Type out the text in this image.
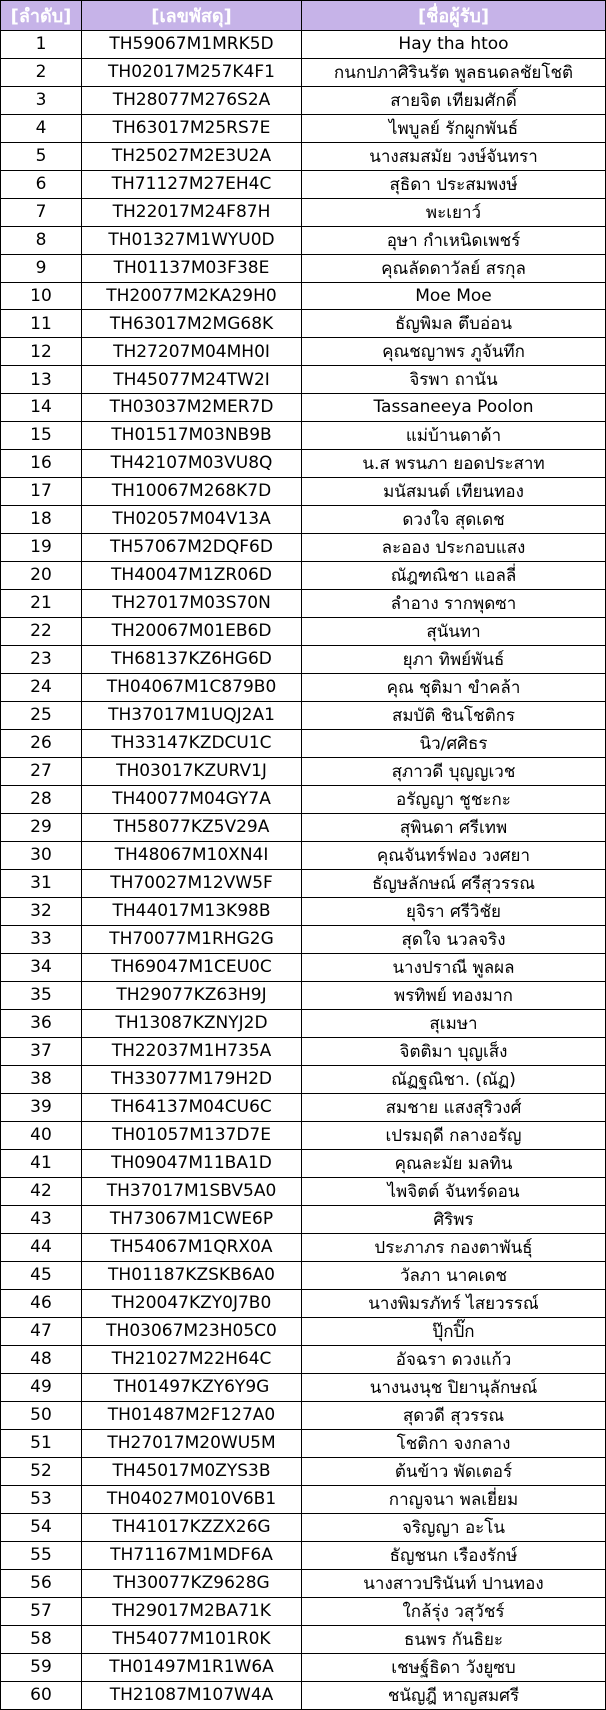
[ลำดับ]	[เลขพัสดุ]	[ชื่อผู้รับ]
1	TH59067M1MRK5D	Hay tha htoo
2	TH02017M257K4F1	กนกปภาศิรินรัต พูลธนดลชัยโชติ
3	TH28077M276S2A	สายจิต เทียมศักดิ์
4	TH63017M25RS7E	ไพบูลย์ รักผูกพันธ์
5	TH25027M2E3U2A	นางสมสมัย วงษ์จันทรา
6	TH71127M27EH4C	สุธิดา ประสมพงษ์
7	TH22017M24F87H	พะเยาว์
8	TH01327M1WYU0D	อุษา กำเหนิดเพชร์
9	TH01137M03F38E	คุณลัดดาวัลย์ สรกุล
10	TH20077M2KA29H0	Moe Moe
11	TH63017M2MG68K	ธัญพิมล ตึบอ่อน
12	TH27207M04MH0I	คุณชญาพร ภูจันทึก
13	TH45077M24TW2I	จิรพา ถานัน
14	TH03037M2MER7D	Tassaneeya Poolon
15	TH01517M03NB9B	แม่บ้านดาด้า
16	TH42107M03VU8Q	น.ส พรนภา ยอดประสาท
17	TH10067M268K7D	มนัสมนต์ เทียนทอง
18	TH02057M04V13A	ดวงใจ สุดเดช
19	TH57067M2DQF6D	ละออง ประกอบแสง
20	TH40047M1ZR06D	ณัฎฑณิชา แอลลี่
21	TH27017M03S70N	ลำอาง รากพุดซา
22	TH20067M01EB6D	สุนันทา
23	TH68137KZ6HG6D	ยุภา ทิพย์พันธ์
24	TH04067M1C879B0	คุณ ชุติมา ขำคล้า
25	TH37017M1UQJ2A1	สมบัติ ชินโชติกร
26	TH33147KZDCU1C	นิว/ศศิธร
27	TH03017KZURV1J	สุภาวดี บุญญเวช
28	TH40077M04GY7A	อรัญญา ชูชะกะ
29	TH58077KZ5V29A	สุพินดา ศรีเทพ
30	TH48067M10XN4I	คุณจันทร์ฟอง วงศยา
31	TH70027M12VW5F	ธัญษลักษณ์ ศรีสุวรรณ
32	TH44017M13K98B	ยุจิรา ศรีวิชัย
33	TH70077M1RHG2G	สุดใจ นวลจริง
34	TH69047M1CEU0C	นางปราณี พูลผล
35	TH29077KZ63H9J	พรทิพย์ ทองมาก
36	TH13087KZNYJ2D	สุเมษา
37	TH22037M1H735A	จิตติมา บุญเส็ง
38	TH33077M179H2D	ณัฏฐณิชา. (ณัฏ)
39	TH64137M04CU6C	สมชาย แสงสุริวงศ์
40	TH01057M137D7E	เปรมฤดี กลางอรัญ
41	TH09047M11BA1D	คุณละมัย มลทิน
42	TH37017M1SBV5A0	ไพจิตต์ จันทร์ดอน
43	TH73067M1CWE6P	ศิริพร
44	TH54067M1QRX0A	ประภาภร กองตาพันธุ์
45	TH01187KZSKB6A0	วัลภา นาคเดช
46	TH20047KZY0J7B0	นางพิมรภัทร์ ไสยวรรณ์
47	TH03067M23H05C0	ปุ๊กปิ๊ก
48	TH21027M22H64C	อัจฉรา ดวงแก้ว
49	TH01497KZY6Y9G	นางนงนุช ปิยานุลักษณ์
50	TH01487M2F127A0	สุดวดี สุวรรณ
51	TH27017M20WU5M	โชติกา จงกลาง
52	TH45017M0ZYS3B	ต้นข้าว พัดเตอร์
53	TH04027M010V6B1	กาญจนา พลเยี่ยม
54	TH41017KZZX26G	จริญญา อะโน
55	TH71167M1MDF6A	ธัญชนก เรืองรักษ์
56	TH30077KZ9628G	นางสาวปรินันท์ ปานทอง
57	TH29017M2BA71K	ใกล้รุ่ง วสุวัชร์
58	TH54077M101R0K	ธนพร กันธิยะ
59	TH01497M1R1W6A	เชษฐ์ธิดา วังยูซบ
60	TH21087M107W4A	ชนัญฎี หาญสมศรี
